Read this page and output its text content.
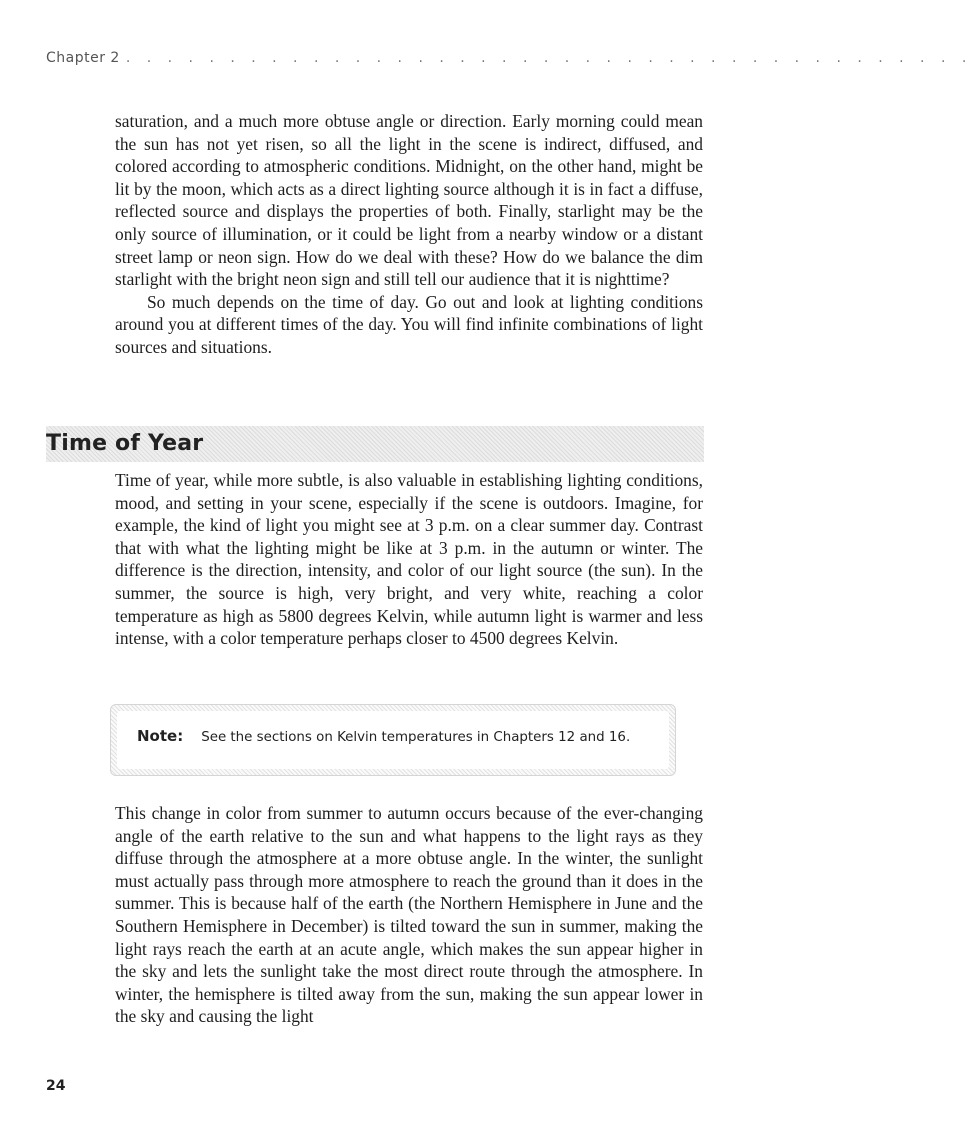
Chapter 2 . . . . . . . . . . . . . . . . . . . . . . . . . . . . . . . . . . . . . . . . .

saturation, and a much more obtuse angle or direction. Early morning could mean the sun has not yet risen, so all the light in the scene is indirect, diffused, and colored according to atmospheric conditions. Midnight, on the other hand, might be lit by the moon, which acts as a direct lighting source although it is in fact a diffuse, reflected source and displays the properties of both. Finally, starlight may be the only source of illumination, or it could be light from a nearby window or a distant street lamp or neon sign. How do we deal with these? How do we balance the dim starlight with the bright neon sign and still tell our audience that it is nighttime?

So much depends on the time of day. Go out and look at lighting conditions around you at different times of the day. You will find infinite combinations of light sources and situations.

Time of Year

Time of year, while more subtle, is also valuable in establishing lighting conditions, mood, and setting in your scene, especially if the scene is outdoors. Imagine, for example, the kind of light you might see at 3 p.m. on a clear summer day. Contrast that with what the lighting might be like at 3 p.m. in the autumn or winter. The difference is the direction, intensity, and color of our light source (the sun). In the summer, the source is high, very bright, and very white, reaching a color temperature as high as 5800 degrees Kelvin, while autumn light is warmer and less intense, with a color temperature perhaps closer to 4500 degrees Kelvin.

Note: See the sections on Kelvin temperatures in Chapters 12 and 16.

This change in color from summer to autumn occurs because of the ever-changing angle of the earth relative to the sun and what happens to the light rays as they diffuse through the atmosphere at a more obtuse angle. In the winter, the sunlight must actually pass through more atmosphere to reach the ground than it does in the summer. This is because half of the earth (the Northern Hemisphere in June and the Southern Hemisphere in December) is tilted toward the sun in summer, making the light rays reach the earth at an acute angle, which makes the sun appear higher in the sky and lets the sunlight take the most direct route through the atmosphere. In winter, the hemisphere is tilted away from the sun, making the sun appear lower in the sky and causing the light

24
